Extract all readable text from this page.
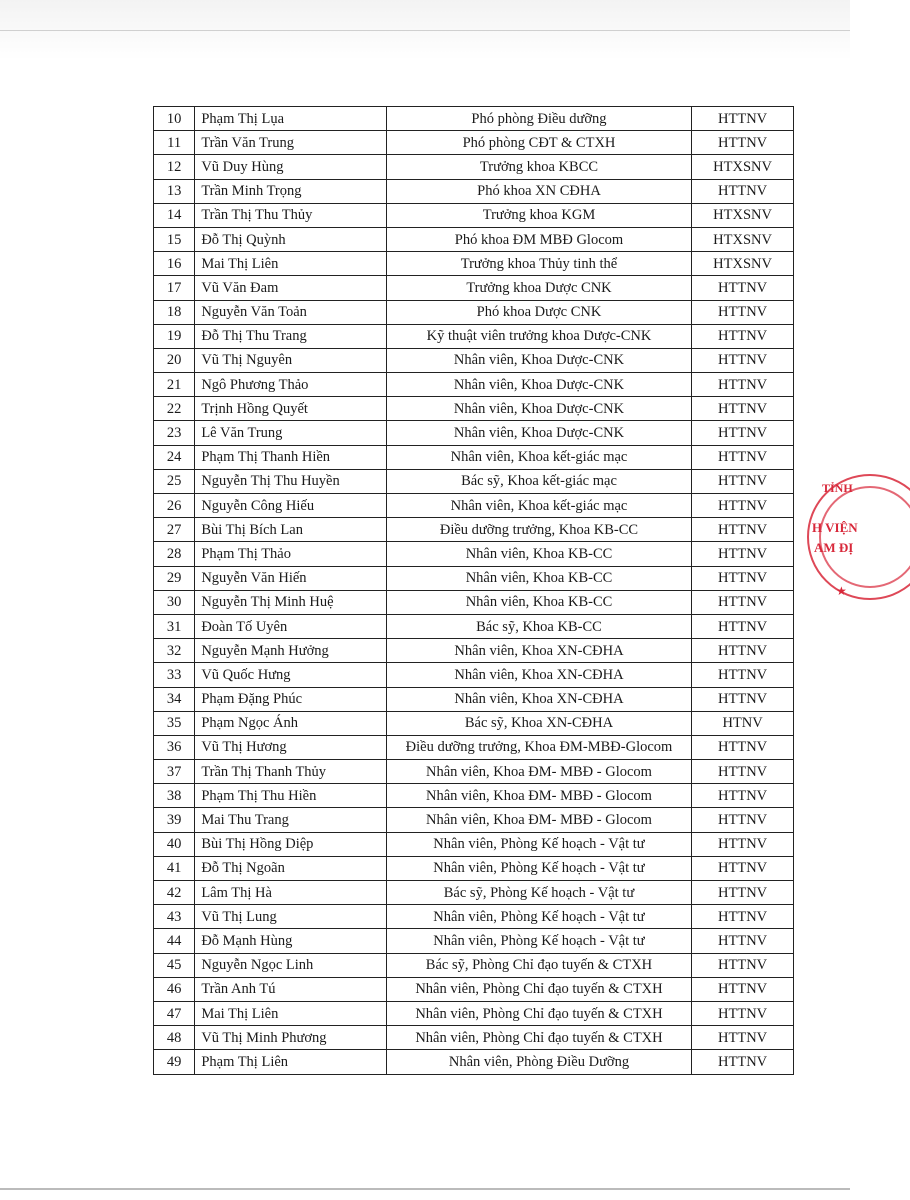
10	Phạm Thị Lụa	Phó phòng Điều dưỡng	HTTNV
11	Trần Văn Trung	Phó phòng CĐT & CTXH	HTTNV
12	Vũ Duy Hùng	Trưởng khoa KBCC	HTXSNV
13	Trần Minh Trọng	Phó khoa XN CĐHA	HTTNV
14	Trần Thị Thu Thủy	Trưởng khoa KGM	HTXSNV
15	Đỗ Thị Quỳnh	Phó khoa ĐM MBĐ Glocom	HTXSNV
16	Mai Thị Liên	Trưởng khoa Thủy tinh thể	HTXSNV
17	Vũ Văn Đam	Trưởng khoa Dược CNK	HTTNV
18	Nguyễn Văn Toản	Phó khoa Dược CNK	HTTNV
19	Đỗ Thị Thu Trang	Kỹ thuật viên trưởng khoa Dược-CNK	HTTNV
20	Vũ Thị Nguyên	Nhân viên, Khoa Dược-CNK	HTTNV
21	Ngô Phương Thảo	Nhân viên, Khoa Dược-CNK	HTTNV
22	Trịnh Hồng Quyết	Nhân viên, Khoa Dược-CNK	HTTNV
23	Lê Văn Trung	Nhân viên, Khoa Dược-CNK	HTTNV
24	Phạm Thị Thanh Hiền	Nhân viên, Khoa kết-giác mạc	HTTNV
25	Nguyễn Thị Thu Huyền	Bác sỹ, Khoa kết-giác mạc	HTTNV
26	Nguyễn Công Hiếu	Nhân viên, Khoa kết-giác mạc	HTTNV
27	Bùi Thị Bích Lan	Điều dưỡng trưởng, Khoa KB-CC	HTTNV
28	Phạm Thị Thảo	Nhân viên, Khoa KB-CC	HTTNV
29	Nguyễn Văn Hiến	Nhân viên, Khoa KB-CC	HTTNV
30	Nguyễn Thị Minh Huệ	Nhân viên, Khoa KB-CC	HTTNV
31	Đoàn Tố Uyên	Bác sỹ, Khoa KB-CC	HTTNV
32	Nguyễn Mạnh Hưởng	Nhân viên, Khoa XN-CĐHA	HTTNV
33	Vũ Quốc Hưng	Nhân viên, Khoa XN-CĐHA	HTTNV
34	Phạm Đặng Phúc	Nhân viên, Khoa XN-CĐHA	HTTNV
35	Phạm Ngọc Ánh	Bác sỹ, Khoa XN-CĐHA	HTNV
36	Vũ Thị Hương	Điều dưỡng trưởng, Khoa ĐM-MBĐ-Glocom	HTTNV
37	Trần Thị Thanh Thủy	Nhân viên, Khoa ĐM- MBĐ - Glocom	HTTNV
38	Phạm Thị Thu Hiền	Nhân viên, Khoa ĐM- MBĐ - Glocom	HTTNV
39	Mai Thu Trang	Nhân viên, Khoa ĐM- MBĐ - Glocom	HTTNV
40	Bùi Thị Hồng Diệp	Nhân viên, Phòng Kế hoạch - Vật tư	HTTNV
41	Đỗ Thị Ngoãn	Nhân viên, Phòng Kế hoạch - Vật tư	HTTNV
42	Lâm Thị Hà	Bác sỹ, Phòng Kế hoạch - Vật tư	HTTNV
43	Vũ Thị Lung	Nhân viên, Phòng Kế hoạch - Vật tư	HTTNV
44	Đỗ Mạnh Hùng	Nhân viên, Phòng Kế hoạch - Vật tư	HTTNV
45	Nguyễn Ngọc Linh	Bác sỹ, Phòng Chỉ đạo tuyến & CTXH	HTTNV
46	Trần Anh Tú	Nhân viên, Phòng Chỉ đạo tuyến & CTXH	HTTNV
47	Mai Thị Liên	Nhân viên, Phòng Chỉ đạo tuyến & CTXH	HTTNV
48	Vũ Thị Minh Phương	Nhân viên, Phòng Chỉ đạo tuyến & CTXH	HTTNV
49	Phạm Thị Liên	Nhân viên, Phòng Điều Dưỡng	HTTNV
TỈNH
H VIỆN
AM ĐỊ
★
